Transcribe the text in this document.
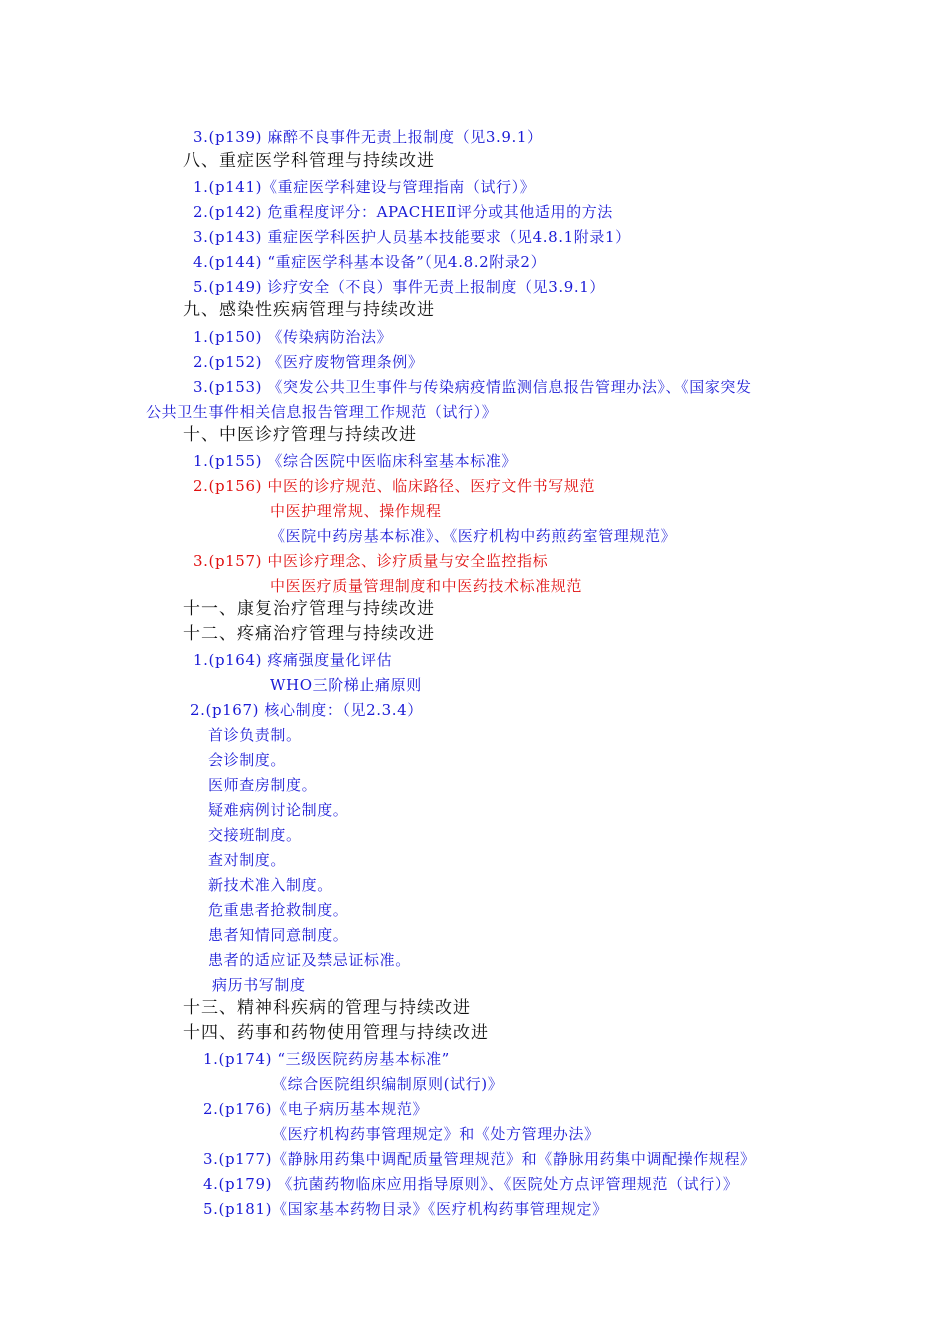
3.(p139) 麻醉不良事件无责上报制度（见3.9.1）
八、重症医学科管理与持续改进
1.(p141)《重症医学科建设与管理指南（试行）》
2.(p142) 危重程度评分：APACHEⅡ评分或其他适用的方法
3.(p143) 重症医学科医护人员基本技能要求（见4.8.1附录1）
4.(p144) “重症医学科基本设备”（见4.8.2附录2）
5.(p149) 诊疗安全（不良）事件无责上报制度（见3.9.1）
九、感染性疾病管理与持续改进
1.(p150) 《传染病防治法》
2.(p152) 《医疗废物管理条例》
3.(p153) 《突发公共卫生事件与传染病疫情监测信息报告管理办法》、《国家突发
公共卫生事件相关信息报告管理工作规范（试行）》
十、中医诊疗管理与持续改进
1.(p155) 《综合医院中医临床科室基本标准》
2.(p156) 中医的诊疗规范、临床路径、医疗文件书写规范
中医护理常规、操作规程
《医院中药房基本标准》、《医疗机构中药煎药室管理规范》
3.(p157) 中医诊疗理念、诊疗质量与安全监控指标
中医医疗质量管理制度和中医药技术标准规范
十一、康复治疗管理与持续改进
十二、疼痛治疗管理与持续改进
1.(p164) 疼痛强度量化评估
WHO三阶梯止痛原则
2.(p167) 核心制度：（见2.3.4）
首诊负责制。
会诊制度。
医师查房制度。
疑难病例讨论制度。
交接班制度。
查对制度。
新技术准入制度。
危重患者抢救制度。
患者知情同意制度。
患者的适应证及禁忌证标准。
病历书写制度
十三、精神科疾病的管理与持续改进
十四、药事和药物使用管理与持续改进
1.(p174) “三级医院药房基本标准”
《综合医院组织编制原则(试行)》
2.(p176)《电子病历基本规范》
《医疗机构药事管理规定》和《处方管理办法》
3.(p177)《静脉用药集中调配质量管理规范》和《静脉用药集中调配操作规程》
4.(p179) 《抗菌药物临床应用指导原则》、《医院处方点评管理规范（试行）》
5.(p181)《国家基本药物目录》《医疗机构药事管理规定》
